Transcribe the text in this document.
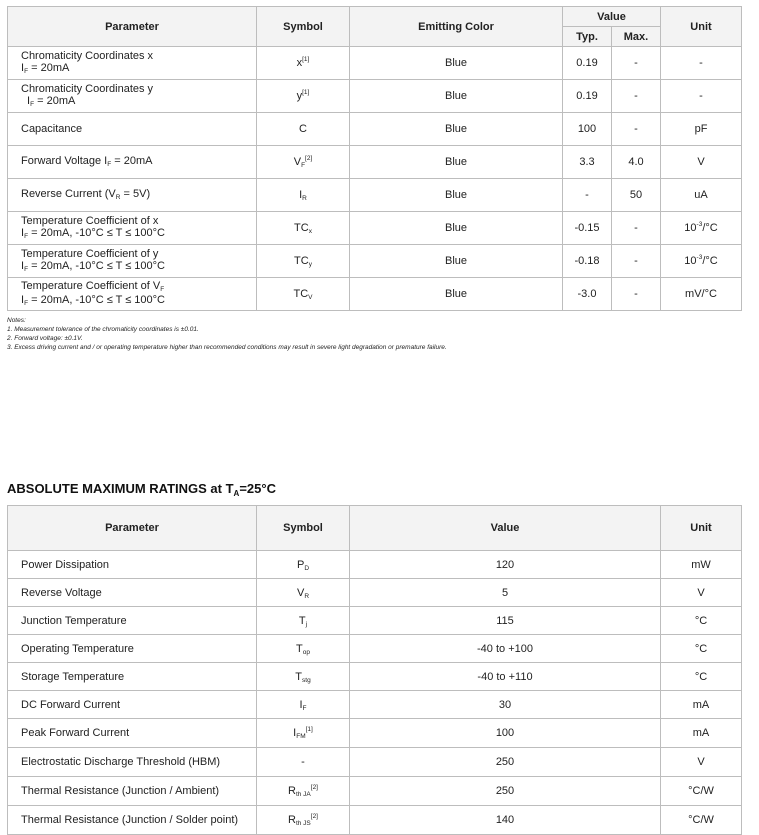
Parameter	Symbol	Emitting Color	Value		Unit
			Typ.	Max.	

Chromaticity Coordinates x
$I_F = 20mA$	x[1]	Blue	0.19	-	-

Chromaticity Coordinates y
$I_F = 20mA$	y[1]	Blue	0.19	-	-
Capacitance	C	Blue	100	-	pF
Forward Voltage $I_F = 20mA$	$V_F[2]$	Blue	3.3	4.0	V
Reverse Current $(V_R = 5V)$	$I_R$	Blue	-	50	uA

Temperature Coefficient of x
$I_F = 20mA$, -10°C ≤ T ≤ 100°C	$TC_x$	Blue	-0.15	-	$10^{-3}/^\circ C$

Temperature Coefficient of y
$I_F = 20mA$, -10°C ≤ T ≤ 100°C	$TC_y$	Blue	-0.18	-	$10^{-3}/^\circ C$

Temperature Coefficient of $V_F$
$I_F = 20mA$, -10°C ≤ T ≤ 100°C	$TC_V$	Blue	-3.0	-	mV/°C
Notes:
1. Measurement tolerance of the chromaticity coordinates is ±0.01.
2. Forward voltage: ±0.1V.
3. Excess driving current and / or operating temperature higher than recommended conditions may result in severe light degradation or premature failure.
ABSOLUTE MAXIMUM RATINGS at $T_A=25^\circ C$
Parameter	Symbol	Value	Unit
Power Dissipation	$P_D$	120	mW
Reverse Voltage	$V_R$	5	V
Junction Temperature	$T_j$	115	°C
Operating Temperature	$T_{op}$	-40 to +100	°C
Storage Temperature	$T_{stg}$	-40 to +110	°C
DC Forward Current	$I_F$	30	mA
Peak Forward Current	$I_{FM}[1]$	100	mA
Electrostatic Discharge Threshold (HBM)	-	250	V
Thermal Resistance (Junction / Ambient)	$R_{th JA}[2]$	250	°C/W
Thermal Resistance (Junction / Solder point)	$R_{th JS}[2]$	140	°C/W
